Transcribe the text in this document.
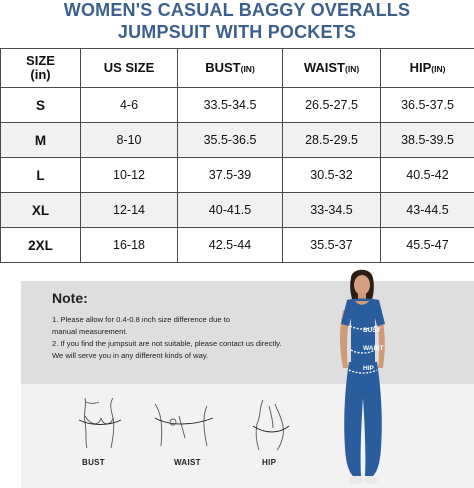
WOMEN'S CASUAL BAGGY OVERALLS
JUMPSUIT WITH POCKETS
SIZE
(in)	US SIZE	BUST(IN)	WAIST(IN)	HIP(IN)
S	4-6	33.5-34.5	26.5-27.5	36.5-37.5
M	8-10	35.5-36.5	28.5-29.5	38.5-39.5
L	10-12	37.5-39	30.5-32	40.5-42
XL	12-14	40-41.5	33-34.5	43-44.5
2XL	16-18	42.5-44	35.5-37	45.5-47
Note:
1. Please allow for 0.4-0.8 inch size difference due to
manual measurement.
2. If you find the jumpsuit are not suitable, please contact us directly.
We will serve you in any different kinds of way.
BUST	WAIST	HIP
BUST
WAIST
HIP
